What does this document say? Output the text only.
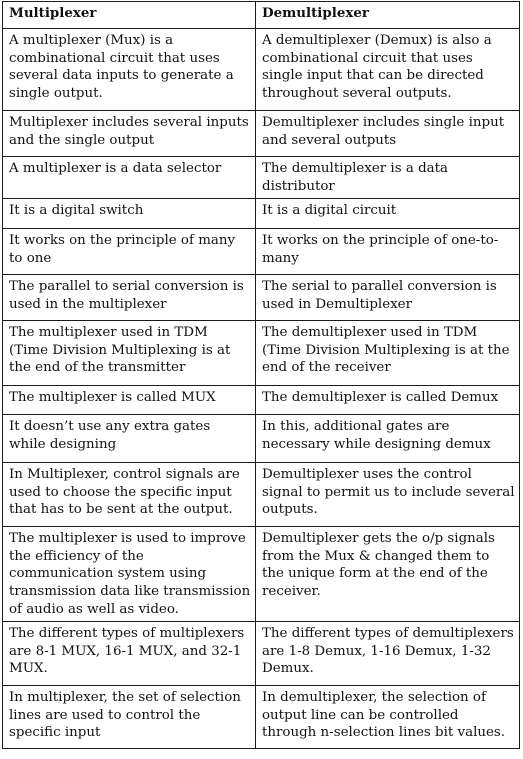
Multiplexer	Demultiplexer
A multiplexer (Mux) is a combinational circuit that uses several data inputs to generate a single output.	A demultiplexer (Demux) is also a combinational circuit that uses single input that can be directed throughout several outputs.
Multiplexer includes several inputs and the single output	Demultiplexer includes single input and several outputs
A multiplexer is a data selector	The demultiplexer is a data distributor
It is a digital switch	It is a digital circuit
It works on the principle of many to one	It works on the principle of one-to-many
The parallel to serial conversion is used in the multiplexer	The serial to parallel conversion is used in Demultiplexer
The multiplexer used in TDM (Time Division Multiplexing is at the end of the transmitter	The demultiplexer used in TDM (Time Division Multiplexing is at the end of the receiver
The multiplexer is called MUX	The demultiplexer is called Demux
It doesn’t use any extra gates while designing	In this, additional gates are necessary while designing demux
In Multiplexer, control signals are used to choose the specific input that has to be sent at the output.	Demultiplexer uses the control signal to permit us to include several outputs.
The multiplexer is used to improve the efficiency of the communication system using transmission data like transmission of audio as well as video.	Demultiplexer gets the o/p signals from the Mux & changed them to the unique form at the end of the receiver.
The different types of multiplexers are 8-1 MUX, 16-1 MUX, and 32-1 MUX.	The different types of demultiplexers are 1-8 Demux, 1-16 Demux, 1-32 Demux.
In multiplexer, the set of selection lines are used to control the specific input	In demultiplexer, the selection of output line can be controlled through n-selection lines bit values.
